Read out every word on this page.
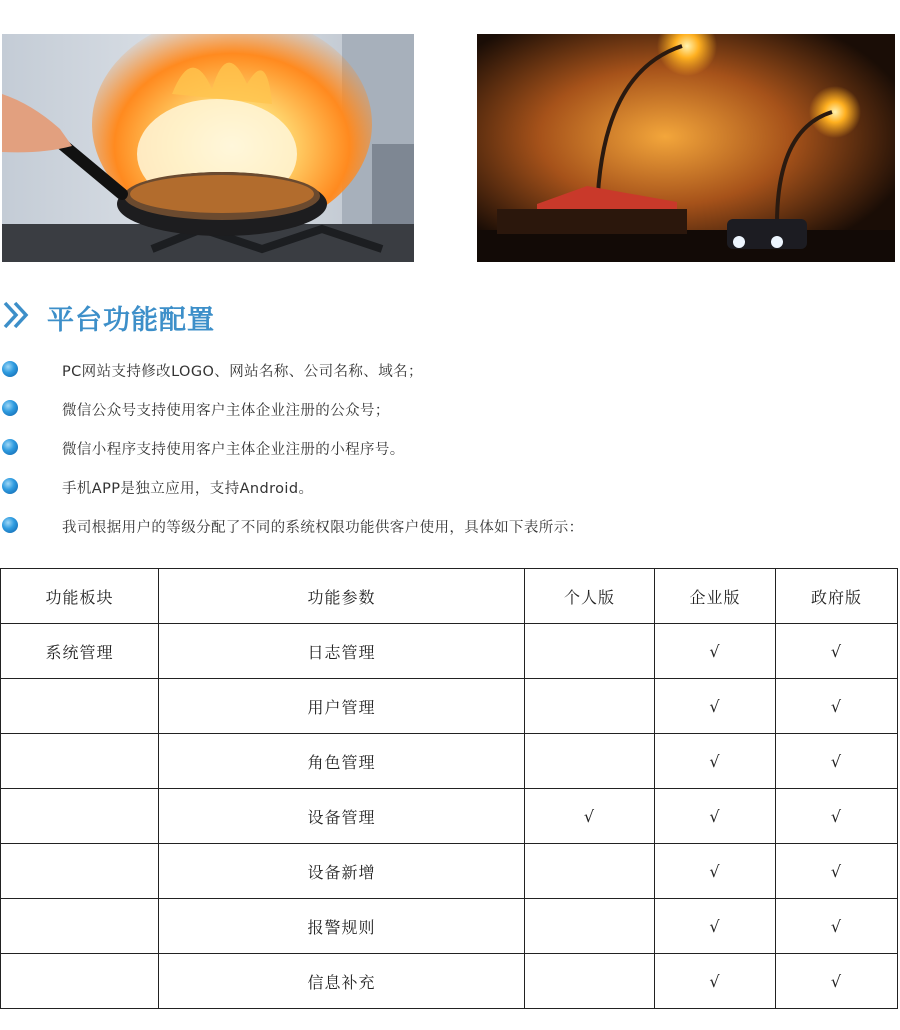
平台功能配置
PC网站支持修改LOGO、网站名称、公司名称、域名；
微信公众号支持使用客户主体企业注册的公众号；
微信小程序支持使用客户主体企业注册的小程序号。
手机APP是独立应用，支持Android。
我司根据用户的等级分配了不同的系统权限功能供客户使用，具体如下表所示：
功能板块	功能参数	个人版	企业版	政府版
系统管理	日志管理		√	√
	用户管理		√	√
	角色管理		√	√
	设备管理	√	√	√
	设备新增		√	√
	报警规则		√	√
	信息补充		√	√
